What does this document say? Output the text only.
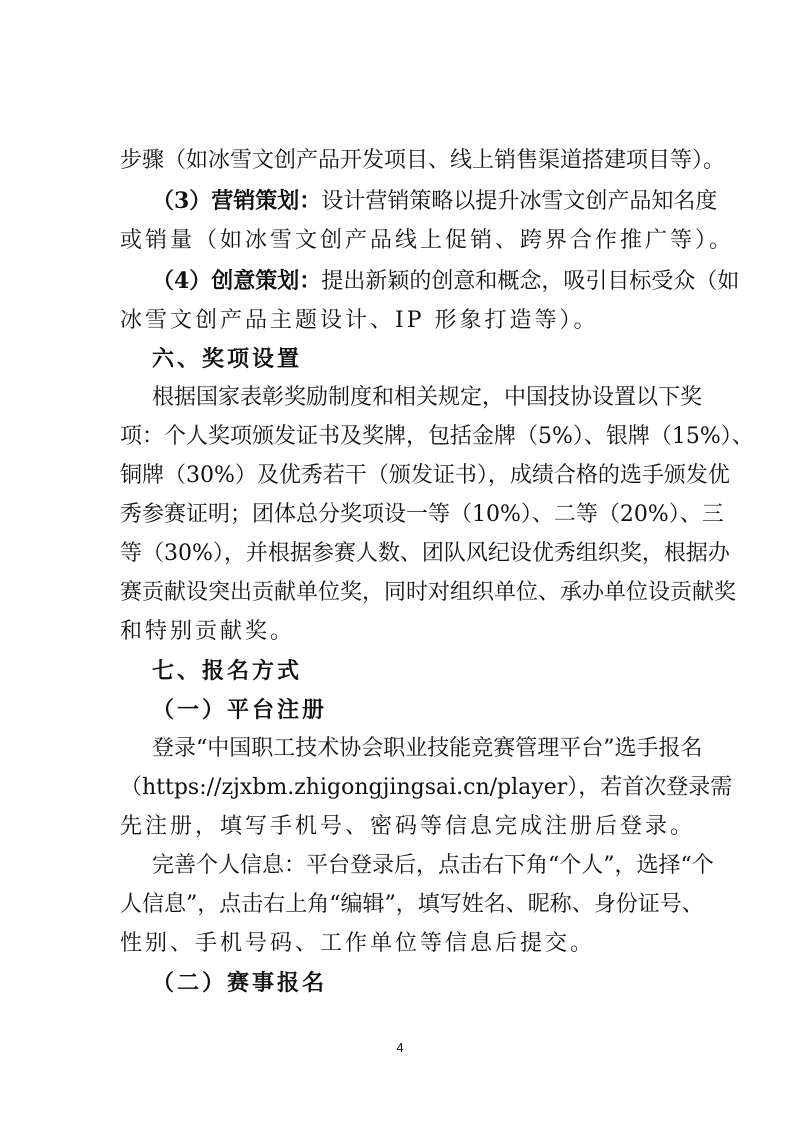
步骤（如冰雪文创产品开发项目、线上销售渠道搭建项目等）。
（3）营销策划：设计营销策略以提升冰雪文创产品知名度
或销量（如冰雪文创产品线上促销、跨界合作推广等）。
（4）创意策划：提出新颖的创意和概念，吸引目标受众（如
冰雪文创产品主题设计、IP 形象打造等）。
六、奖项设置
根据国家表彰奖励制度和相关规定，中国技协设置以下奖
项：个人奖项颁发证书及奖牌，包括金牌（5%）、银牌（15%）、
铜牌（30%）及优秀若干（颁发证书），成绩合格的选手颁发优
秀参赛证明；团体总分奖项设一等（10%）、二等（20%）、三
等（30%），并根据参赛人数、团队风纪设优秀组织奖，根据办
赛贡献设突出贡献单位奖，同时对组织单位、承办单位设贡献奖
和特别贡献奖。
七、报名方式
（一）平台注册
登录“中国职工技术协会职业技能竞赛管理平台”选手报名
（https://zjxbm.zhigongjingsai.cn/player），若首次登录需
先注册，填写手机号、密码等信息完成注册后登录。
完善个人信息：平台登录后，点击右下角“个人”，选择“个
人信息”，点击右上角“编辑”，填写姓名、昵称、身份证号、
性别、手机号码、工作单位等信息后提交。
（二）赛事报名
4
